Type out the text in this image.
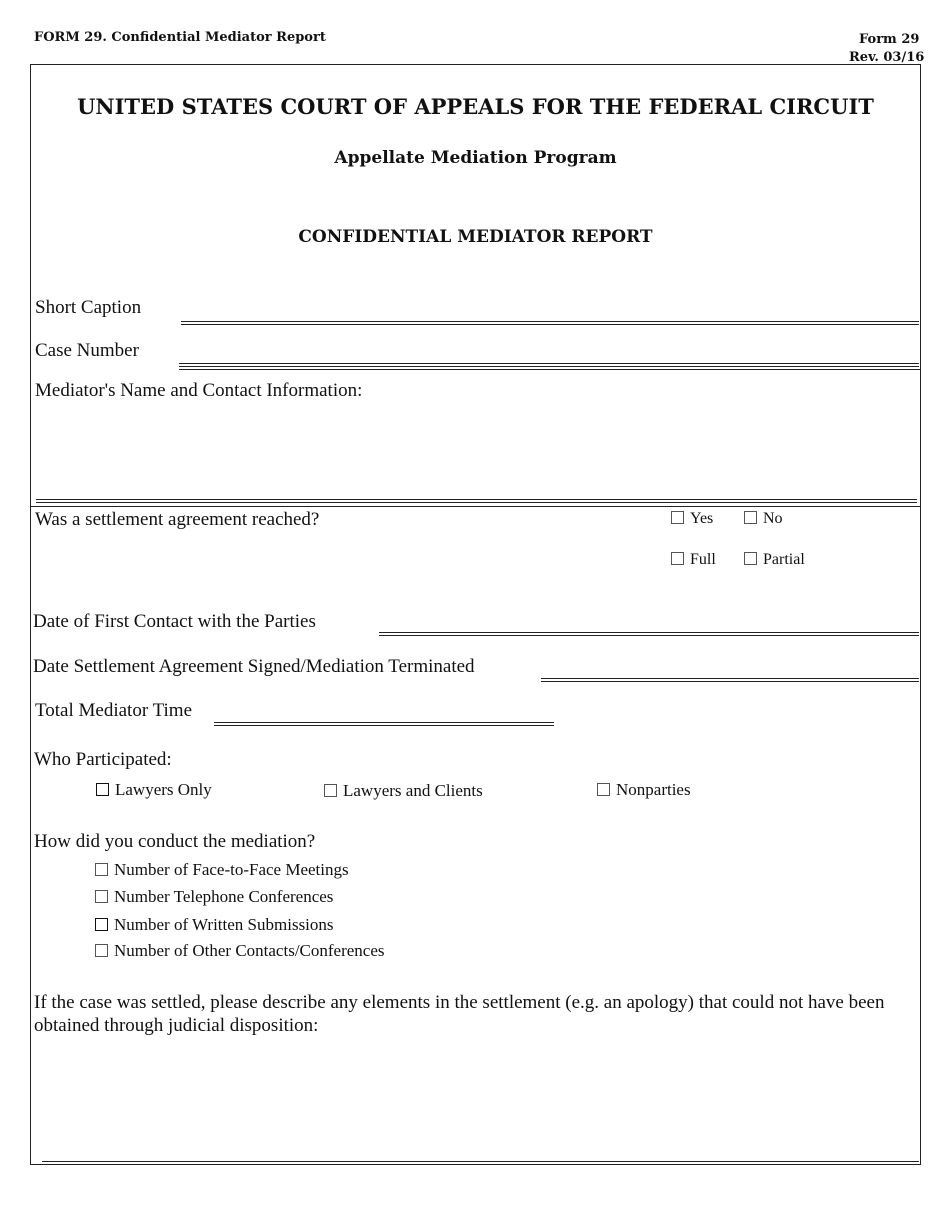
FORM 29. Confidential Mediator Report	Form 29
Rev. 03/16
UNITED STATES COURT OF APPEALS FOR THE FEDERAL CIRCUIT
Appellate Mediation Program
CONFIDENTIAL MEDIATOR REPORT
Short Caption
Case Number
Mediator's Name and Contact Information:
Was a settlement agreement reached?	Yes	No
Full	Partial
Date of First Contact with the Parties
Date Settlement Agreement Signed/Mediation Terminated
Total Mediator Time
Who Participated:
Lawyers Only	Lawyers and Clients	Nonparties
How did you conduct the mediation?
Number of Face-to-Face Meetings
Number Telephone Conferences
Number of Written Submissions
Number of Other Contacts/Conferences
If the case was settled, please describe any elements in the settlement (e.g. an apology) that could not have been obtained through judicial disposition:
